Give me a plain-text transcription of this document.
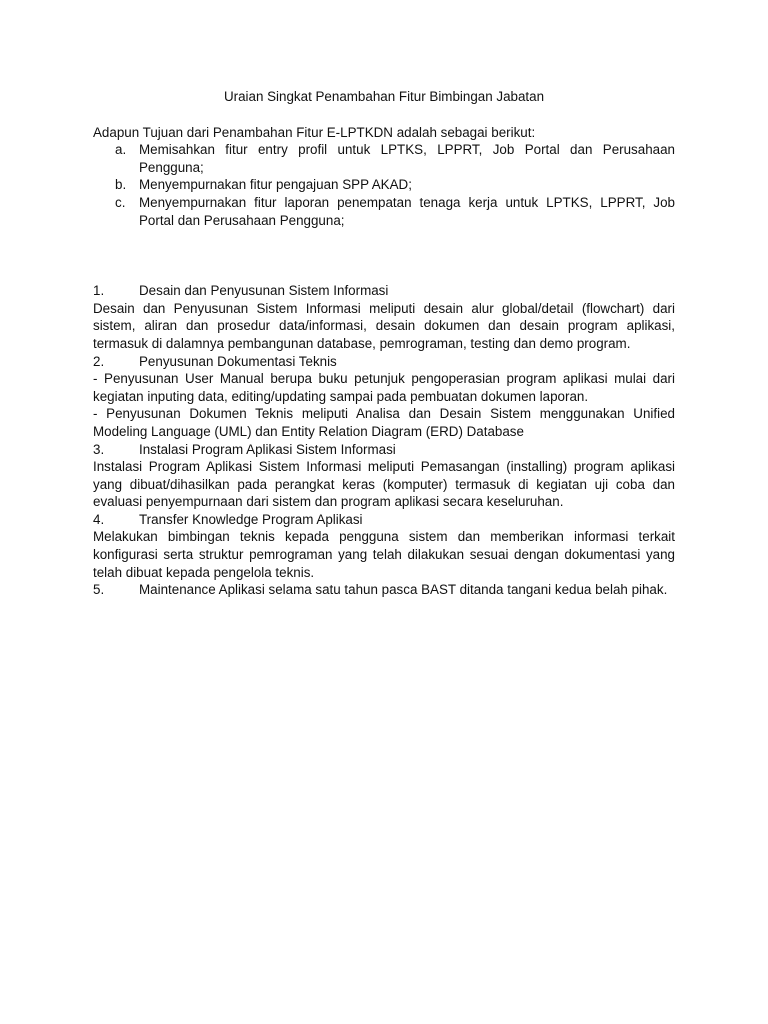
Uraian Singkat Penambahan Fitur Bimbingan Jabatan

Adapun Tujuan dari Penambahan Fitur E-LPTKDN adalah sebagai berikut:

a. Memisahkan fitur entry profil untuk LPTKS, LPPRT, Job Portal dan Perusahaan Pengguna;
b. Menyempurnakan fitur pengajuan SPP AKAD;
c. Menyempurnakan fitur laporan penempatan tenaga kerja untuk LPTKS, LPPRT, Job Portal dan Perusahaan Pengguna;
1.	Desain dan Penyusunan Sistem Informasi

Desain dan Penyusunan Sistem Informasi meliputi desain alur global/detail (flowchart) dari sistem, aliran dan prosedur data/informasi, desain dokumen dan desain program aplikasi, termasuk di dalamnya pembangunan database, pemrograman, testing dan demo program.

2.	Penyusunan Dokumentasi Teknis

- Penyusunan User Manual berupa buku petunjuk pengoperasian program aplikasi mulai dari kegiatan inputing data, editing/updating sampai pada pembuatan dokumen laporan.

- Penyusunan Dokumen Teknis meliputi Analisa dan Desain Sistem menggunakan Unified Modeling Language (UML) dan Entity Relation Diagram (ERD) Database

3.	Instalasi Program Aplikasi Sistem Informasi

Instalasi Program Aplikasi Sistem Informasi meliputi Pemasangan (installing) program aplikasi yang dibuat/dihasilkan pada perangkat keras (komputer) termasuk di kegiatan uji coba dan evaluasi penyempurnaan dari sistem dan program aplikasi secara keseluruhan.

4.	Transfer Knowledge Program Aplikasi

Melakukan bimbingan teknis kepada pengguna sistem dan memberikan informasi terkait konfigurasi serta struktur pemrograman yang telah dilakukan sesuai dengan dokumentasi yang telah dibuat kepada pengelola teknis.

5.	Maintenance Aplikasi selama satu tahun pasca BAST ditanda tangani kedua belah pihak.
